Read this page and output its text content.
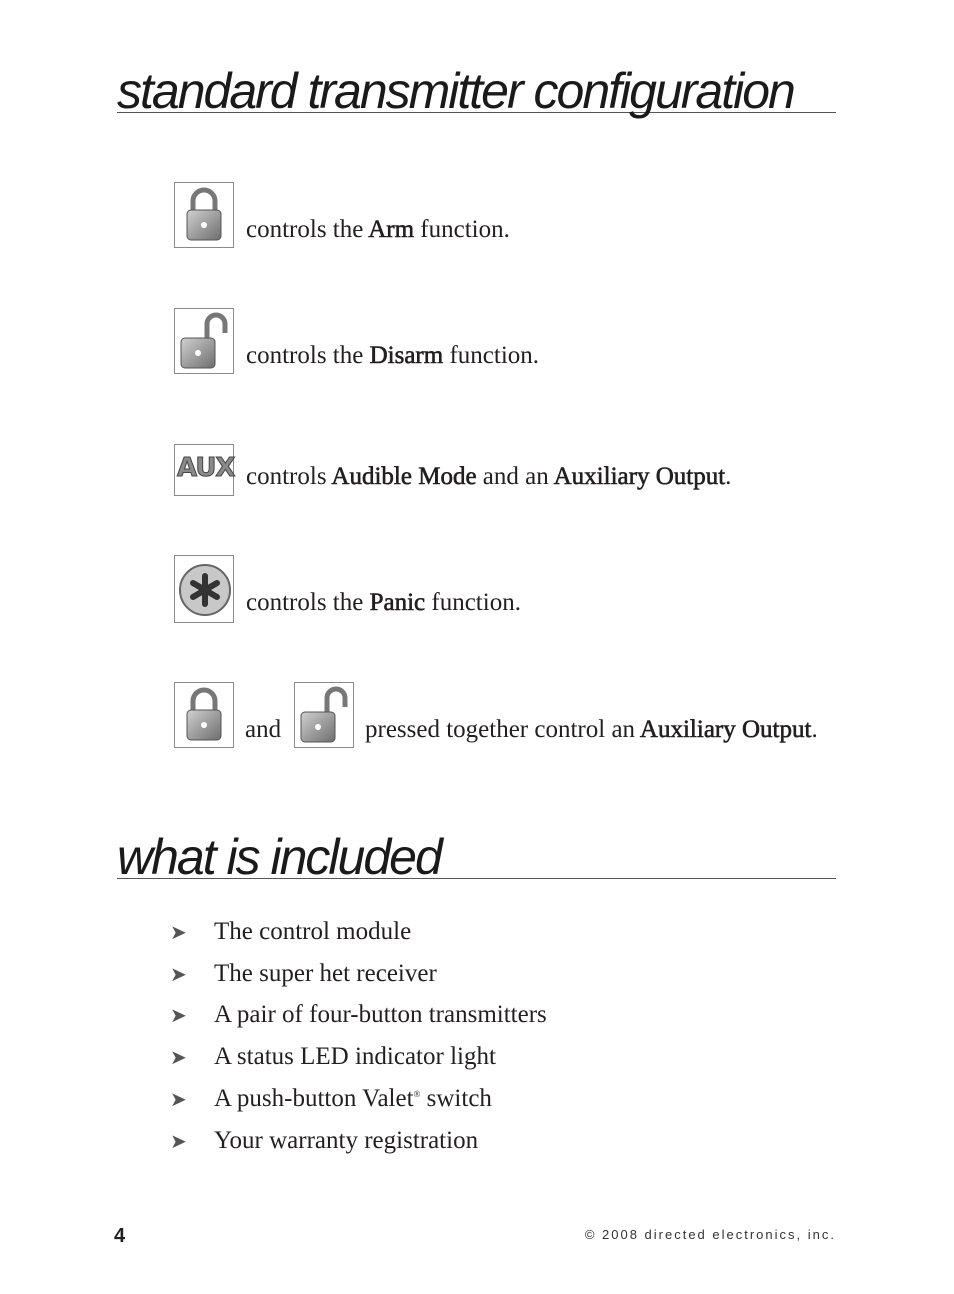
standard transmitter configuration
controls the Arm function.
controls the Disarm function.
AUX controls Audible Mode and an Auxiliary Output.
controls the Panic function.
and	pressed together control an Auxiliary Output.
what is included
➤ The control module
➤ The super het receiver
➤ A pair of four-button transmitters
➤ A status LED indicator light
➤ A push-button Valet® switch
➤ Your warranty registration
4	© 2008 directed electronics, inc.
